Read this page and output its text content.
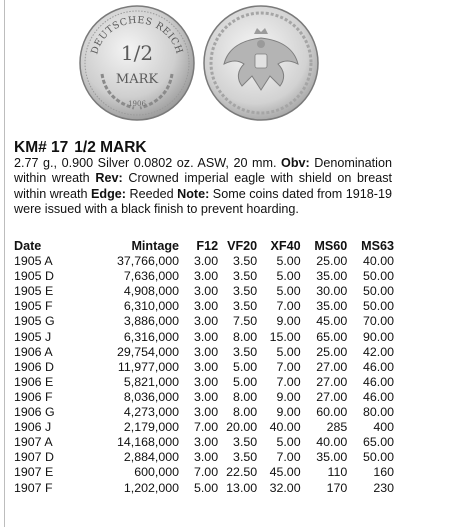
DEUTSCHES REICH
1/2
MARK
1906
KM# 17 1/2 MARK
2.77 g., 0.900 Silver 0.0802 oz. ASW, 20 mm. Obv: Denomination within wreath Rev: Crowned imperial eagle with shield on breast within wreath Edge: Reeded Note: Some coins dated from 1918-19 were issued with a black finish to prevent hoarding.
Date	Mintage	F12	VF20	XF40	MS60	MS63
1905 A	37,766,000	3.00	3.50	5.00	25.00	40.00
1905 D	7,636,000	3.00	3.50	5.00	35.00	50.00
1905 E	4,908,000	3.00	3.50	5.00	30.00	50.00
1905 F	6,310,000	3.00	3.50	7.00	35.00	50.00
1905 G	3,886,000	3.00	7.50	9.00	45.00	70.00
1905 J	6,316,000	3.00	8.00	15.00	65.00	90.00
1906 A	29,754,000	3.00	3.50	5.00	25.00	42.00
1906 D	11,977,000	3.00	5.00	7.00	27.00	46.00
1906 E	5,821,000	3.00	5.00	7.00	27.00	46.00
1906 F	8,036,000	3.00	8.00	9.00	27.00	46.00
1906 G	4,273,000	3.00	8.00	9.00	60.00	80.00
1906 J	2,179,000	7.00	20.00	40.00	285	400
1907 A	14,168,000	3.00	3.50	5.00	40.00	65.00
1907 D	2,884,000	3.00	3.50	7.00	35.00	50.00
1907 E	600,000	7.00	22.50	45.00	110	160
1907 F	1,202,000	5.00	13.00	32.00	170	230
